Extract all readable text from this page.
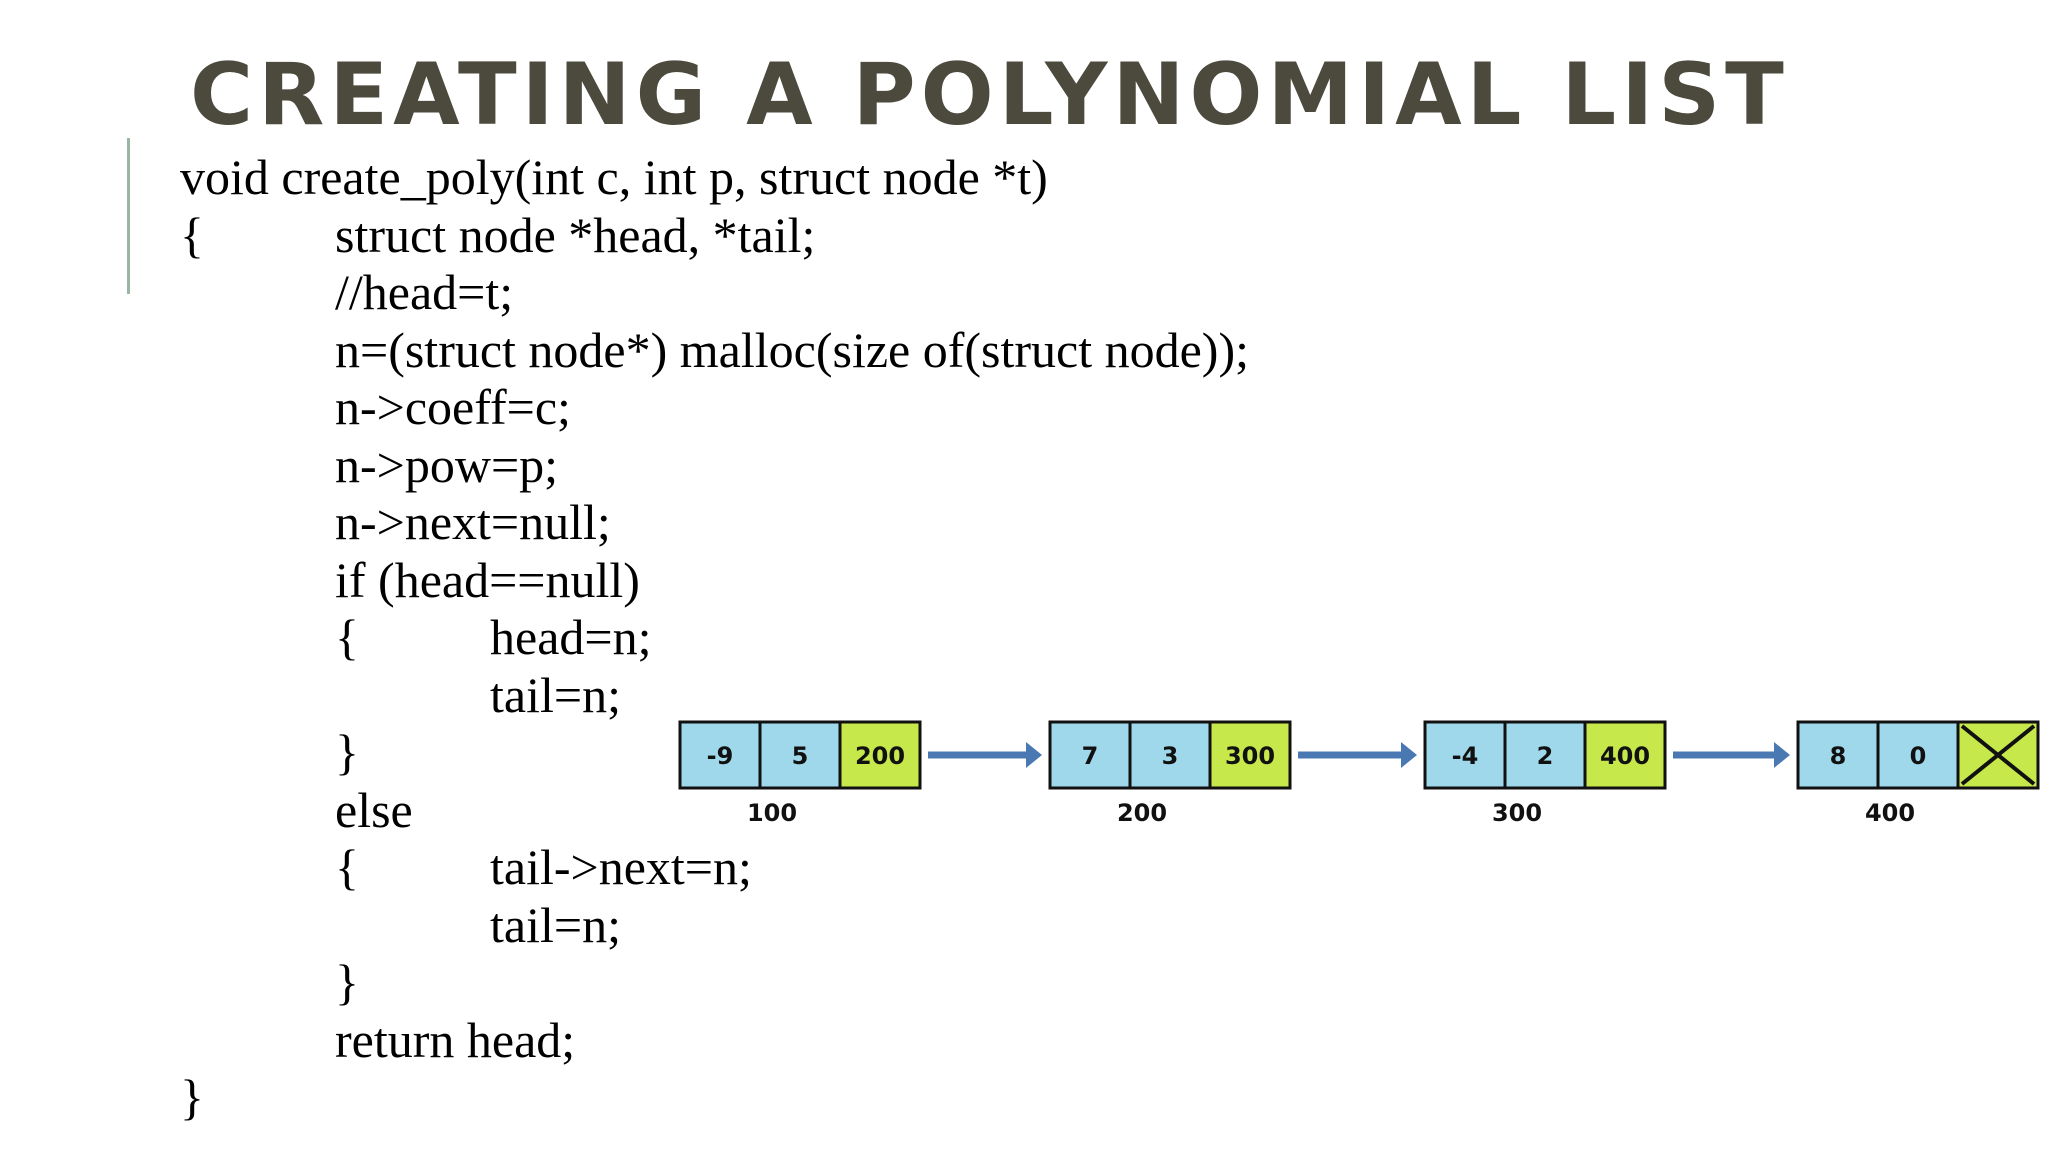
CREATING A POLYNOMIAL LIST
void create_poly(int c, int p, struct node *t)
{	struct node *head, *tail;
//head=t;
n=(struct node*) malloc(size of(struct node));
n->coeff=c;
n->pow=p;
n->next=null;
if (head==null)
{	head=n;
tail=n;
}
else
{	tail->next=n;
tail=n;
}
return head;
}
-9 5 200
100
7	3 300
200
-4 2 400
300
8	0
400
